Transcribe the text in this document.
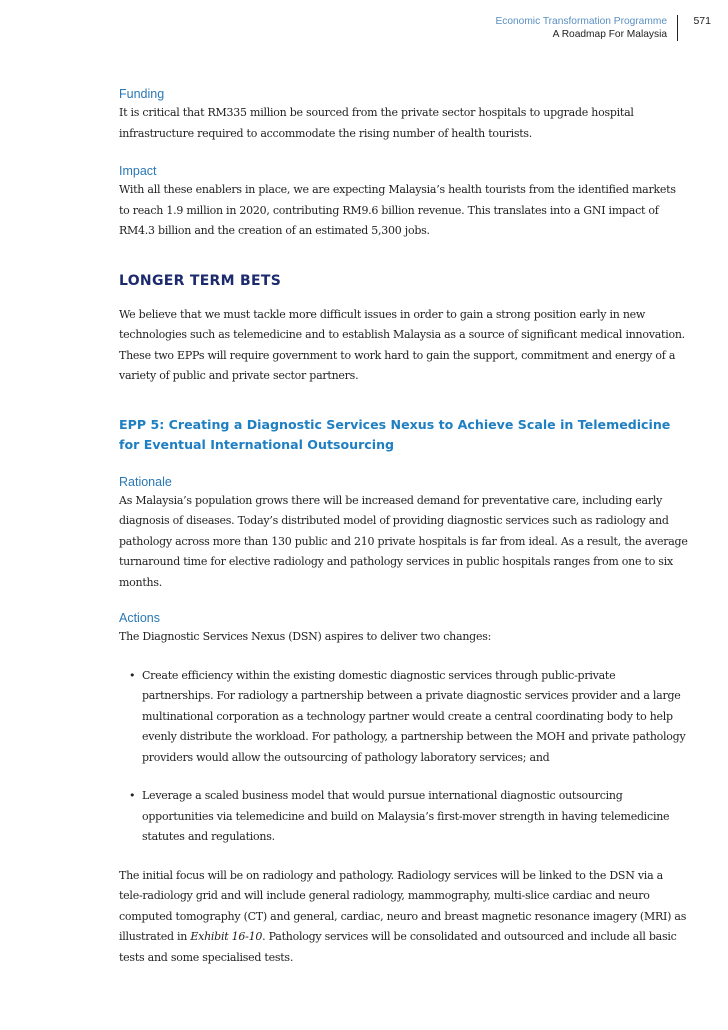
Economic Transformation Programme
A Roadmap For Malaysia
571
Funding

It is critical that RM335 million be sourced from the private sector hospitals to upgrade hospital infrastructure required to accommodate the rising number of health tourists.

Impact

With all these enablers in place, we are expecting Malaysia’s health tourists from the identified markets to reach 1.9 million in 2020, contributing RM9.6 billion revenue. This translates into a GNI impact of RM4.3 billion and the creation of an estimated 5,300 jobs.

LONGER TERM BETS

We believe that we must tackle more difficult issues in order to gain a strong position early in new technologies such as telemedicine and to establish Malaysia as a source of significant medical innovation. These two EPPs will require government to work hard to gain the support, commitment and energy of a variety of public and private sector partners.

EPP 5: Creating a Diagnostic Services Nexus to Achieve Scale in Telemedicine for Eventual International Outsourcing
Rationale

As Malaysia’s population grows there will be increased demand for preventative care, including early diagnosis of diseases. Today’s distributed model of providing diagnostic services such as radiology and pathology across more than 130 public and 210 private hospitals is far from ideal. As a result, the average turnaround time for elective radiology and pathology services in public hospitals ranges from one to six months.

Actions

The Diagnostic Services Nexus (DSN) aspires to deliver two changes:

• Create efficiency within the existing domestic diagnostic services through public-private partnerships. For radiology a partnership between a private diagnostic services provider and a large multinational corporation as a technology partner would create a central coordinating body to help evenly distribute the workload. For pathology, a partnership between the MOH and private pathology providers would allow the outsourcing of pathology laboratory services; and

• Leverage a scaled business model that would pursue international diagnostic outsourcing opportunities via telemedicine and build on Malaysia’s first-mover strength in having telemedicine statutes and regulations.

The initial focus will be on radiology and pathology. Radiology services will be linked to the DSN via a tele-radiology grid and will include general radiology, mammography, multi-slice cardiac and neuro computed tomography (CT) and general, cardiac, neuro and breast magnetic resonance imagery (MRI) as illustrated in Exhibit 16-10. Pathology services will be consolidated and outsourced and include all basic tests and some specialised tests.
